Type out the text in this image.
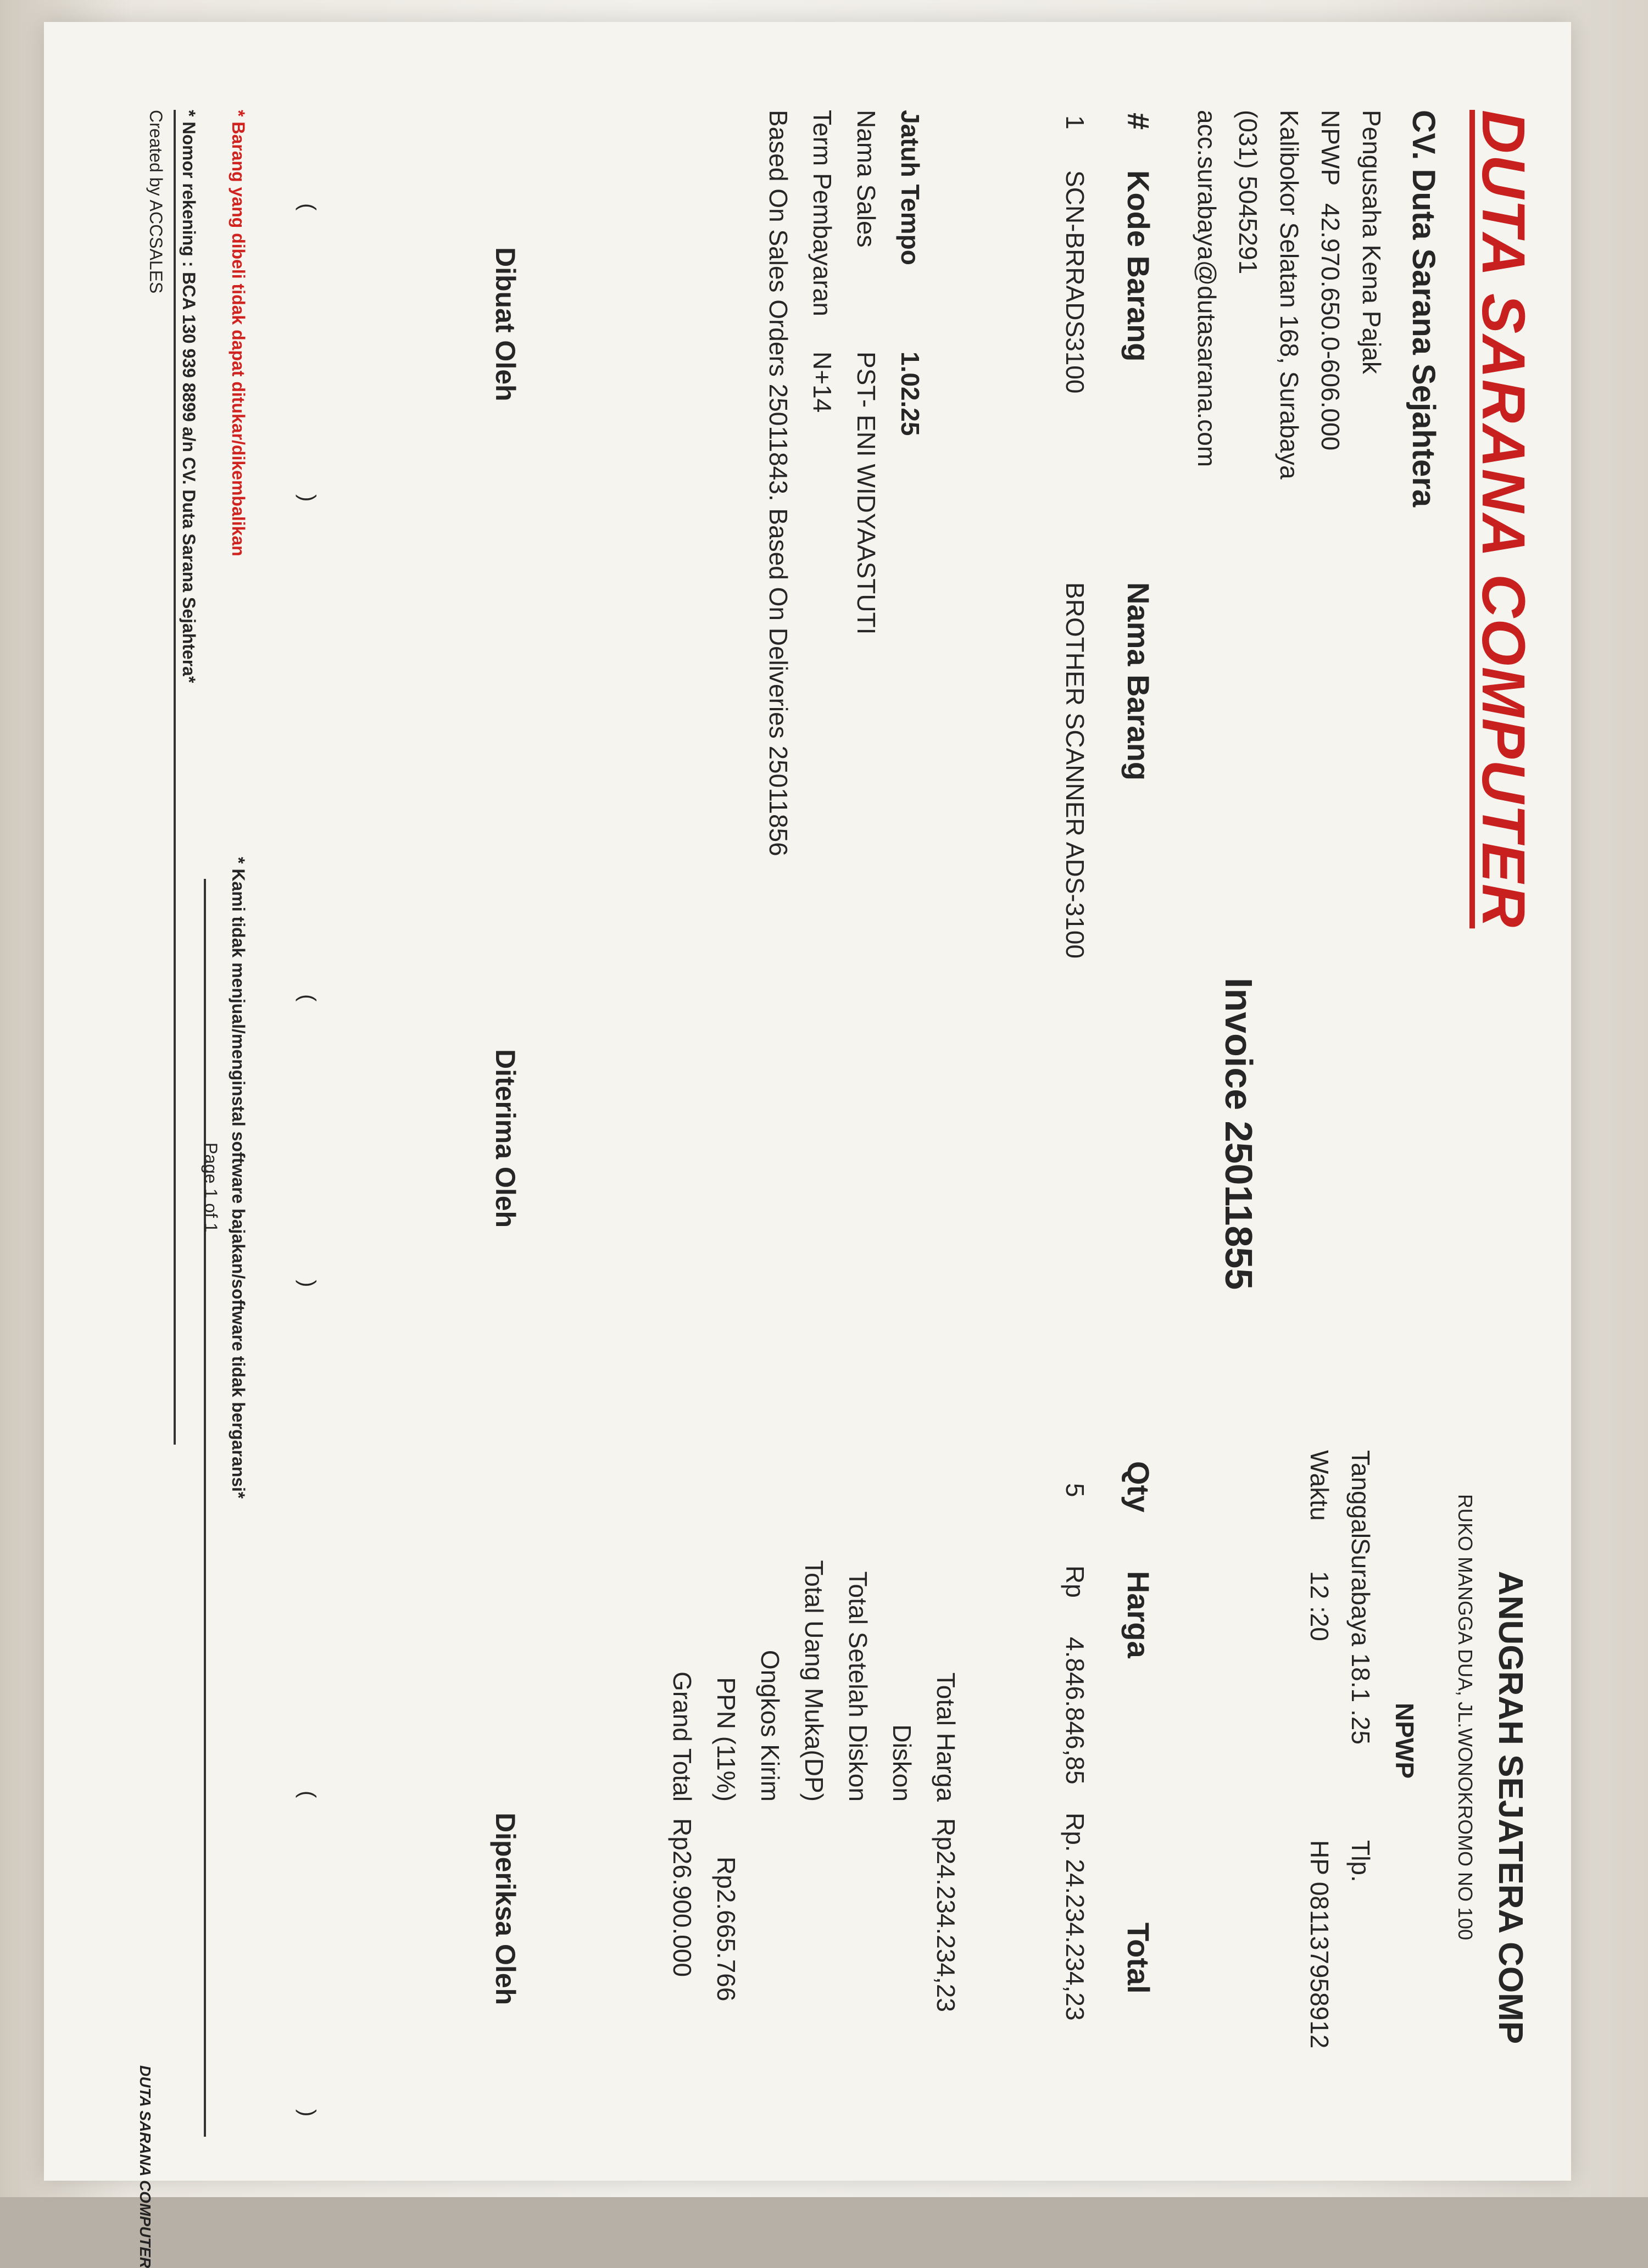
DUTA SARANA COMPUTER
CV. Duta Sarana Sejahtera
Pengusaha Kena Pajak
NPWP
42.970.650.0-606.000
Kalibokor Selatan 168, Surabaya
(031) 5045291
acc.surabaya@dutasarana.com
ANUGRAH SEJATERA COMP
RUKO MANGGA DUA, JL.WONOKROMO NO 100
NPWP
Tanggal
Surabaya 18.1 .25
Tlp.
Waktu
12 :20
HP 081137958912
Invoice 25011855
#
Kode Barang
Nama Barang
Qty
Harga
Total
1
SCN-BRRADS3100
BROTHER SCANNER ADS-3100
5
Rp
4.846.846,85
Rp. 24.234.234,23
Jatuh Tempo
1.02.25
Nama Sales
PST- ENI WIDYAASTUTI
Term Pembayaran
N+14
Based On Sales Orders 25011843. Based On Deliveries 25011856
Total Harga
Rp24.234.234,23
Diskon
Total Setelah Diskon
Total Uang Muka(DP)
Ongkos Kirim
PPN (11%)
Rp2.665.766
Grand Total
Rp26.900.000
Dibuat Oleh
Diterima Oleh
Diperiksa Oleh
(
)
(
)
(
)
* Barang yang dibeli tidak dapat ditukar/dikembalikan
* Kami tidak menjual/menginstal software bajakan/software tidak bergaransi*
* Nomor rekening : BCA 130 939 8899 a/n CV. Duta Sarana Sejahtera*
Page 1 of 1
Created by ACCSALES
DUTA SARANA COMPUTER
